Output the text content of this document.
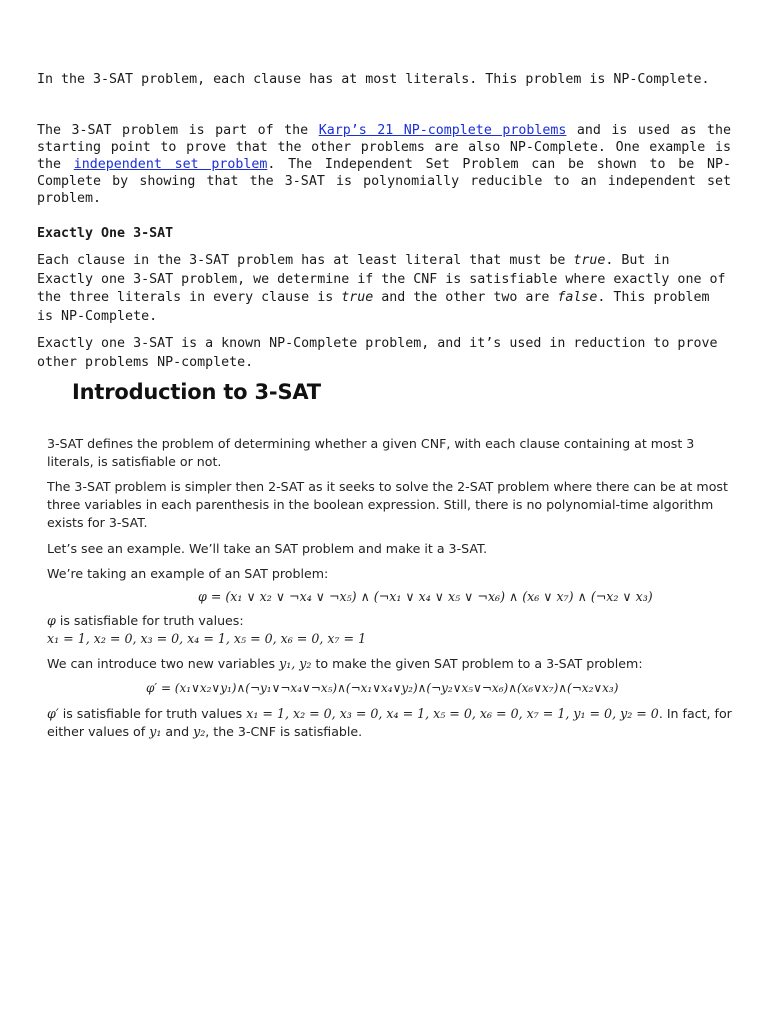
In the 3-SAT problem, each clause has at most literals. This problem is NP-Complete.

The 3-SAT problem is part of the Karp’s 21 NP-complete problems and is used as the starting point to prove that the other problems are also NP-Complete. One example is the independent set problem. The Independent Set Problem can be shown to be NP-Complete by showing that the 3-SAT is polynomially reducible to an independent set problem.

Exactly One 3-SAT

Each clause in the 3-SAT problem has at least literal that must be true. But in Exactly one 3-SAT problem, we determine if the CNF is satisfiable where exactly one of the three literals in every clause is true and the other two are false. This problem is NP-Complete.

Exactly one 3-SAT is a known NP-Complete problem, and it’s used in reduction to prove other problems NP-complete.

Introduction to 3-SAT

3-SAT defines the problem of determining whether a given CNF, with each clause containing at most 3 literals, is satisfiable or not.

The 3-SAT problem is simpler then 2-SAT as it seeks to solve the 2-SAT problem where there can be at most three variables in each parenthesis in the boolean expression. Still, there is no polynomial-time algorithm exists for 3-SAT.

Let’s see an example. We’ll take an SAT problem and make it a 3-SAT.

We’re taking an example of an SAT problem:

φ = (x₁ ∨ x₂ ∨ ¬x₄ ∨ ¬x₅) ∧ (¬x₁ ∨ x₄ ∨ x₅ ∨ ¬x₆) ∧ (x₆ ∨ x₇) ∧ (¬x₂ ∨ x₃)

φ is satisfiable for truth values:

x₁ = 1, x₂ = 0, x₃ = 0, x₄ = 1, x₅ = 0, x₆ = 0, x₇ = 1

We can introduce two new variables y₁, y₂ to make the given SAT problem to a 3-SAT problem:

φ′ = (x₁∨x₂∨y₁)∧(¬y₁∨¬x₄∨¬x₅)∧(¬x₁∨x₄∨y₂)∧(¬y₂∨x₅∨¬x₆)∧(x₆∨x₇)∧(¬x₂∨x₃)

φ′ is satisfiable for truth values x₁ = 1, x₂ = 0, x₃ = 0, x₄ = 1, x₅ = 0, x₆ = 0, x₇ = 1, y₁ = 0, y₂ = 0. In fact, for either values of y₁ and y₂, the 3-CNF is satisfiable.
